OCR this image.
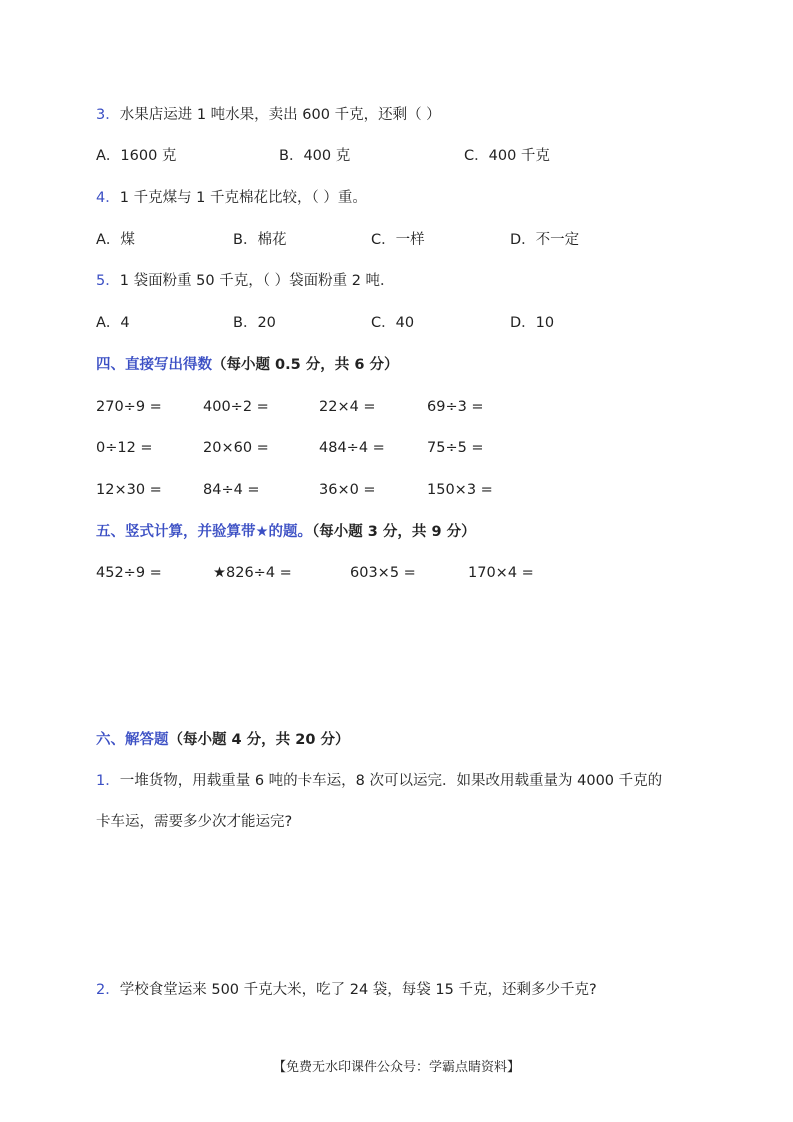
3．水果店运进 1 吨水果，卖出 600 千克，还剩（ ）
A．1600 克	B．400 克	C．400 千克
4．1 千克煤与 1 千克棉花比较，（ ）重。
A．煤	B．棉花	C．一样	D．不一定
5．1 袋面粉重 50 千克，（ ）袋面粉重 2 吨．
A．4	B．20	C．40	D．10
四、直接写出得数（每小题 0.5 分，共 6 分）
270÷9 =	400÷2 =	22×4 =	69÷3 =
0÷12 =	20×60 =	484÷4 =	75÷5 =
12×30 =	84÷4 =	36×0 =	150×3 =
五、竖式计算，并验算带★的题。（每小题 3 分，共 9 分）
452÷9 =	★826÷4 =	603×5 =	170×4 =
六、解答题（每小题 4 分，共 20 分）
1．一堆货物，用载重量 6 吨的卡车运，8 次可以运完．如果改用载重量为 4000 千克的
卡车运，需要多少次才能运完?
2．学校食堂运来 500 千克大米，吃了 24 袋，每袋 15 千克，还剩多少千克?
【免费无水印课件公众号：学霸点睛资料】
